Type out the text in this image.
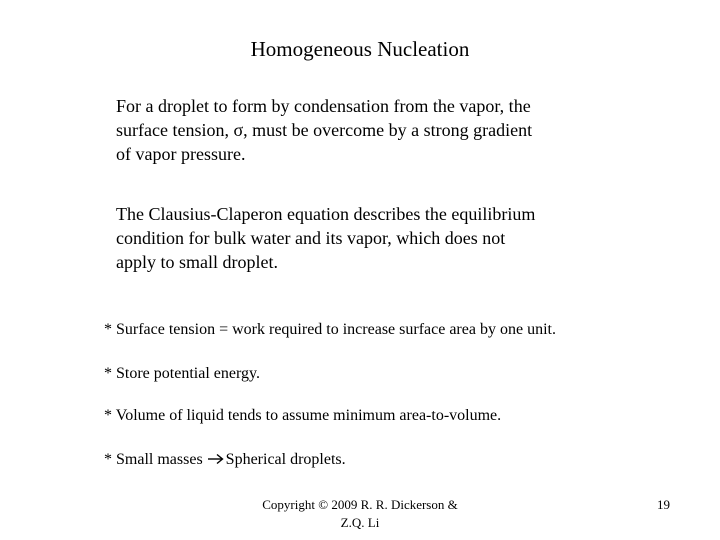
Homogeneous Nucleation
For a droplet to form by condensation from the vapor, the
surface tension, σ, must be overcome by a strong gradient
of vapor pressure.
The Clausius-Claperon equation describes the equilibrium
condition for bulk water and its vapor, which does not
apply to small droplet.
* Surface tension = work required to increase surface area by one unit.
* Store potential energy.
* Volume of liquid tends to assume minimum area-to-volume.
* Small masses Spherical droplets.
Copyright © 2009 R. R. Dickerson &
Z.Q. Li
19
